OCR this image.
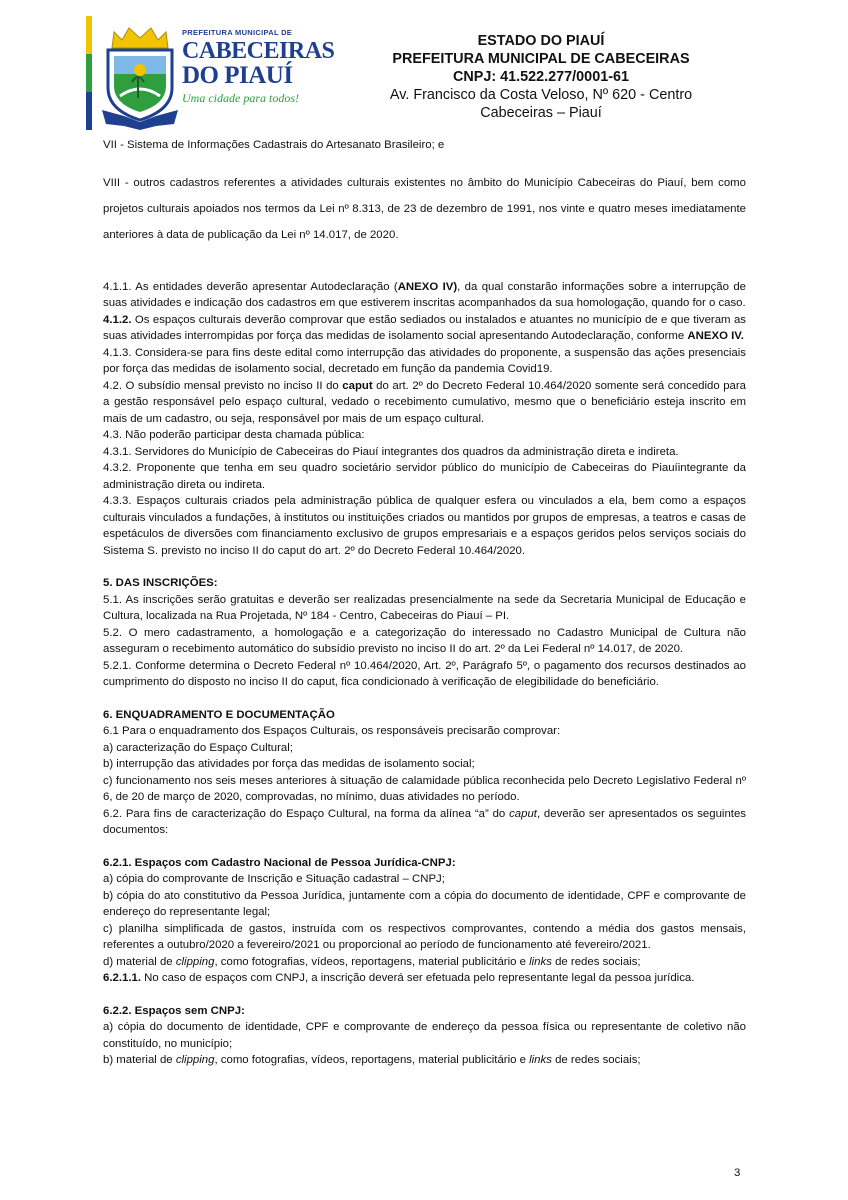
PREFEITURA MUNICIPAL DE
CABECEIRAS
DO PIAUÍ
Uma cidade para todos!
ESTADO DO PIAUÍ
PREFEITURA MUNICIPAL DE CABECEIRAS
CNPJ: 41.522.277/0001-61
Av. Francisco da Costa Veloso, Nº 620 - Centro
Cabeceiras – Piauí

VII - Sistema de Informações Cadastrais do Artesanato Brasileiro; e

VIII - outros cadastros referentes a atividades culturais existentes no âmbito do Município Cabeceiras do Piauí, bem como projetos culturais apoiados nos termos da Lei nº 8.313, de 23 de dezembro de 1991, nos vinte e quatro meses imediatamente anteriores à data de publicação da Lei nº 14.017, de 2020.

4.1.1. As entidades deverão apresentar Autodeclaração (ANEXO IV), da qual constarão informações sobre a interrupção de suas atividades e indicação dos cadastros em que estiverem inscritas acompanhados da sua homologação, quando for o caso.

4.1.2. Os espaços culturais deverão comprovar que estão sediados ou instalados e atuantes no município de e que tiveram as suas atividades interrompidas por força das medidas de isolamento social apresentando Autodeclaração, conforme ANEXO IV.

4.1.3. Considera-se para fins deste edital como interrupção das atividades do proponente, a suspensão das ações presenciais por força das medidas de isolamento social, decretado em função da pandemia Covid19.

4.2. O subsídio mensal previsto no inciso II do caput do art. 2º do Decreto Federal 10.464/2020 somente será concedido para a gestão responsável pelo espaço cultural, vedado o recebimento cumulativo, mesmo que o beneficiário esteja inscrito em mais de um cadastro, ou seja, responsável por mais de um espaço cultural.

4.3. Não poderão participar desta chamada pública:

4.3.1. Servidores do Município de Cabeceiras do Piauí integrantes dos quadros da administração direta e indireta.

4.3.2. Proponente que tenha em seu quadro societário servidor público do município de Cabeceiras do Piauíintegrante da administração direta ou indireta.

4.3.3. Espaços culturais criados pela administração pública de qualquer esfera ou vinculados a ela, bem como a espaços culturais vinculados a fundações, à institutos ou instituições criados ou mantidos por grupos de empresas, a teatros e casas de espetáculos de diversões com financiamento exclusivo de grupos empresariais e a espaços geridos pelos serviços sociais do Sistema S. previsto no inciso II do caput do art. 2º do Decreto Federal 10.464/2020.

5. DAS INSCRIÇÕES:

5.1. As inscrições serão gratuitas e deverão ser realizadas presencialmente na sede da Secretaria Municipal de Educação e Cultura, localizada na Rua Projetada, Nº 184 - Centro, Cabeceiras do Piauí – PI.

5.2. O mero cadastramento, a homologação e a categorização do interessado no Cadastro Municipal de Cultura não asseguram o recebimento automático do subsídio previsto no inciso II do art. 2º da Lei Federal nº 14.017, de 2020.

5.2.1. Conforme determina o Decreto Federal nº 10.464/2020, Art. 2º, Parágrafo 5º, o pagamento dos recursos destinados ao cumprimento do disposto no inciso II do caput, fica condicionado à verificação de elegibilidade do beneficiário.

6. ENQUADRAMENTO E DOCUMENTAÇÃO

6.1 Para o enquadramento dos Espaços Culturais, os responsáveis precisarão comprovar:

a) caracterização do Espaço Cultural;

b) interrupção das atividades por força das medidas de isolamento social;

c) funcionamento nos seis meses anteriores à situação de calamidade pública reconhecida pelo Decreto Legislativo Federal nº 6, de 20 de março de 2020, comprovadas, no mínimo, duas atividades no período.

6.2. Para fins de caracterização do Espaço Cultural, na forma da alínea “a” do caput, deverão ser apresentados os seguintes documentos:

6.2.1. Espaços com Cadastro Nacional de Pessoa Jurídica-CNPJ:

a) cópia do comprovante de Inscrição e Situação cadastral – CNPJ;

b) cópia do ato constitutivo da Pessoa Jurídica, juntamente com a cópia do documento de identidade, CPF e comprovante de endereço do representante legal;

c) planilha simplificada de gastos, instruída com os respectivos comprovantes, contendo a média dos gastos mensais, referentes a outubro/2020 a fevereiro/2021 ou proporcional ao período de funcionamento até fevereiro/2021.

d) material de clipping, como fotografias, vídeos, reportagens, material publicitário e links de redes sociais;

6.2.1.1. No caso de espaços com CNPJ, a inscrição deverá ser efetuada pelo representante legal da pessoa jurídica.

6.2.2. Espaços sem CNPJ:

a) cópia do documento de identidade, CPF e comprovante de endereço da pessoa física ou representante de coletivo não constituído, no município;

b) material de clipping, como fotografias, vídeos, reportagens, material publicitário e links de redes sociais;

3
